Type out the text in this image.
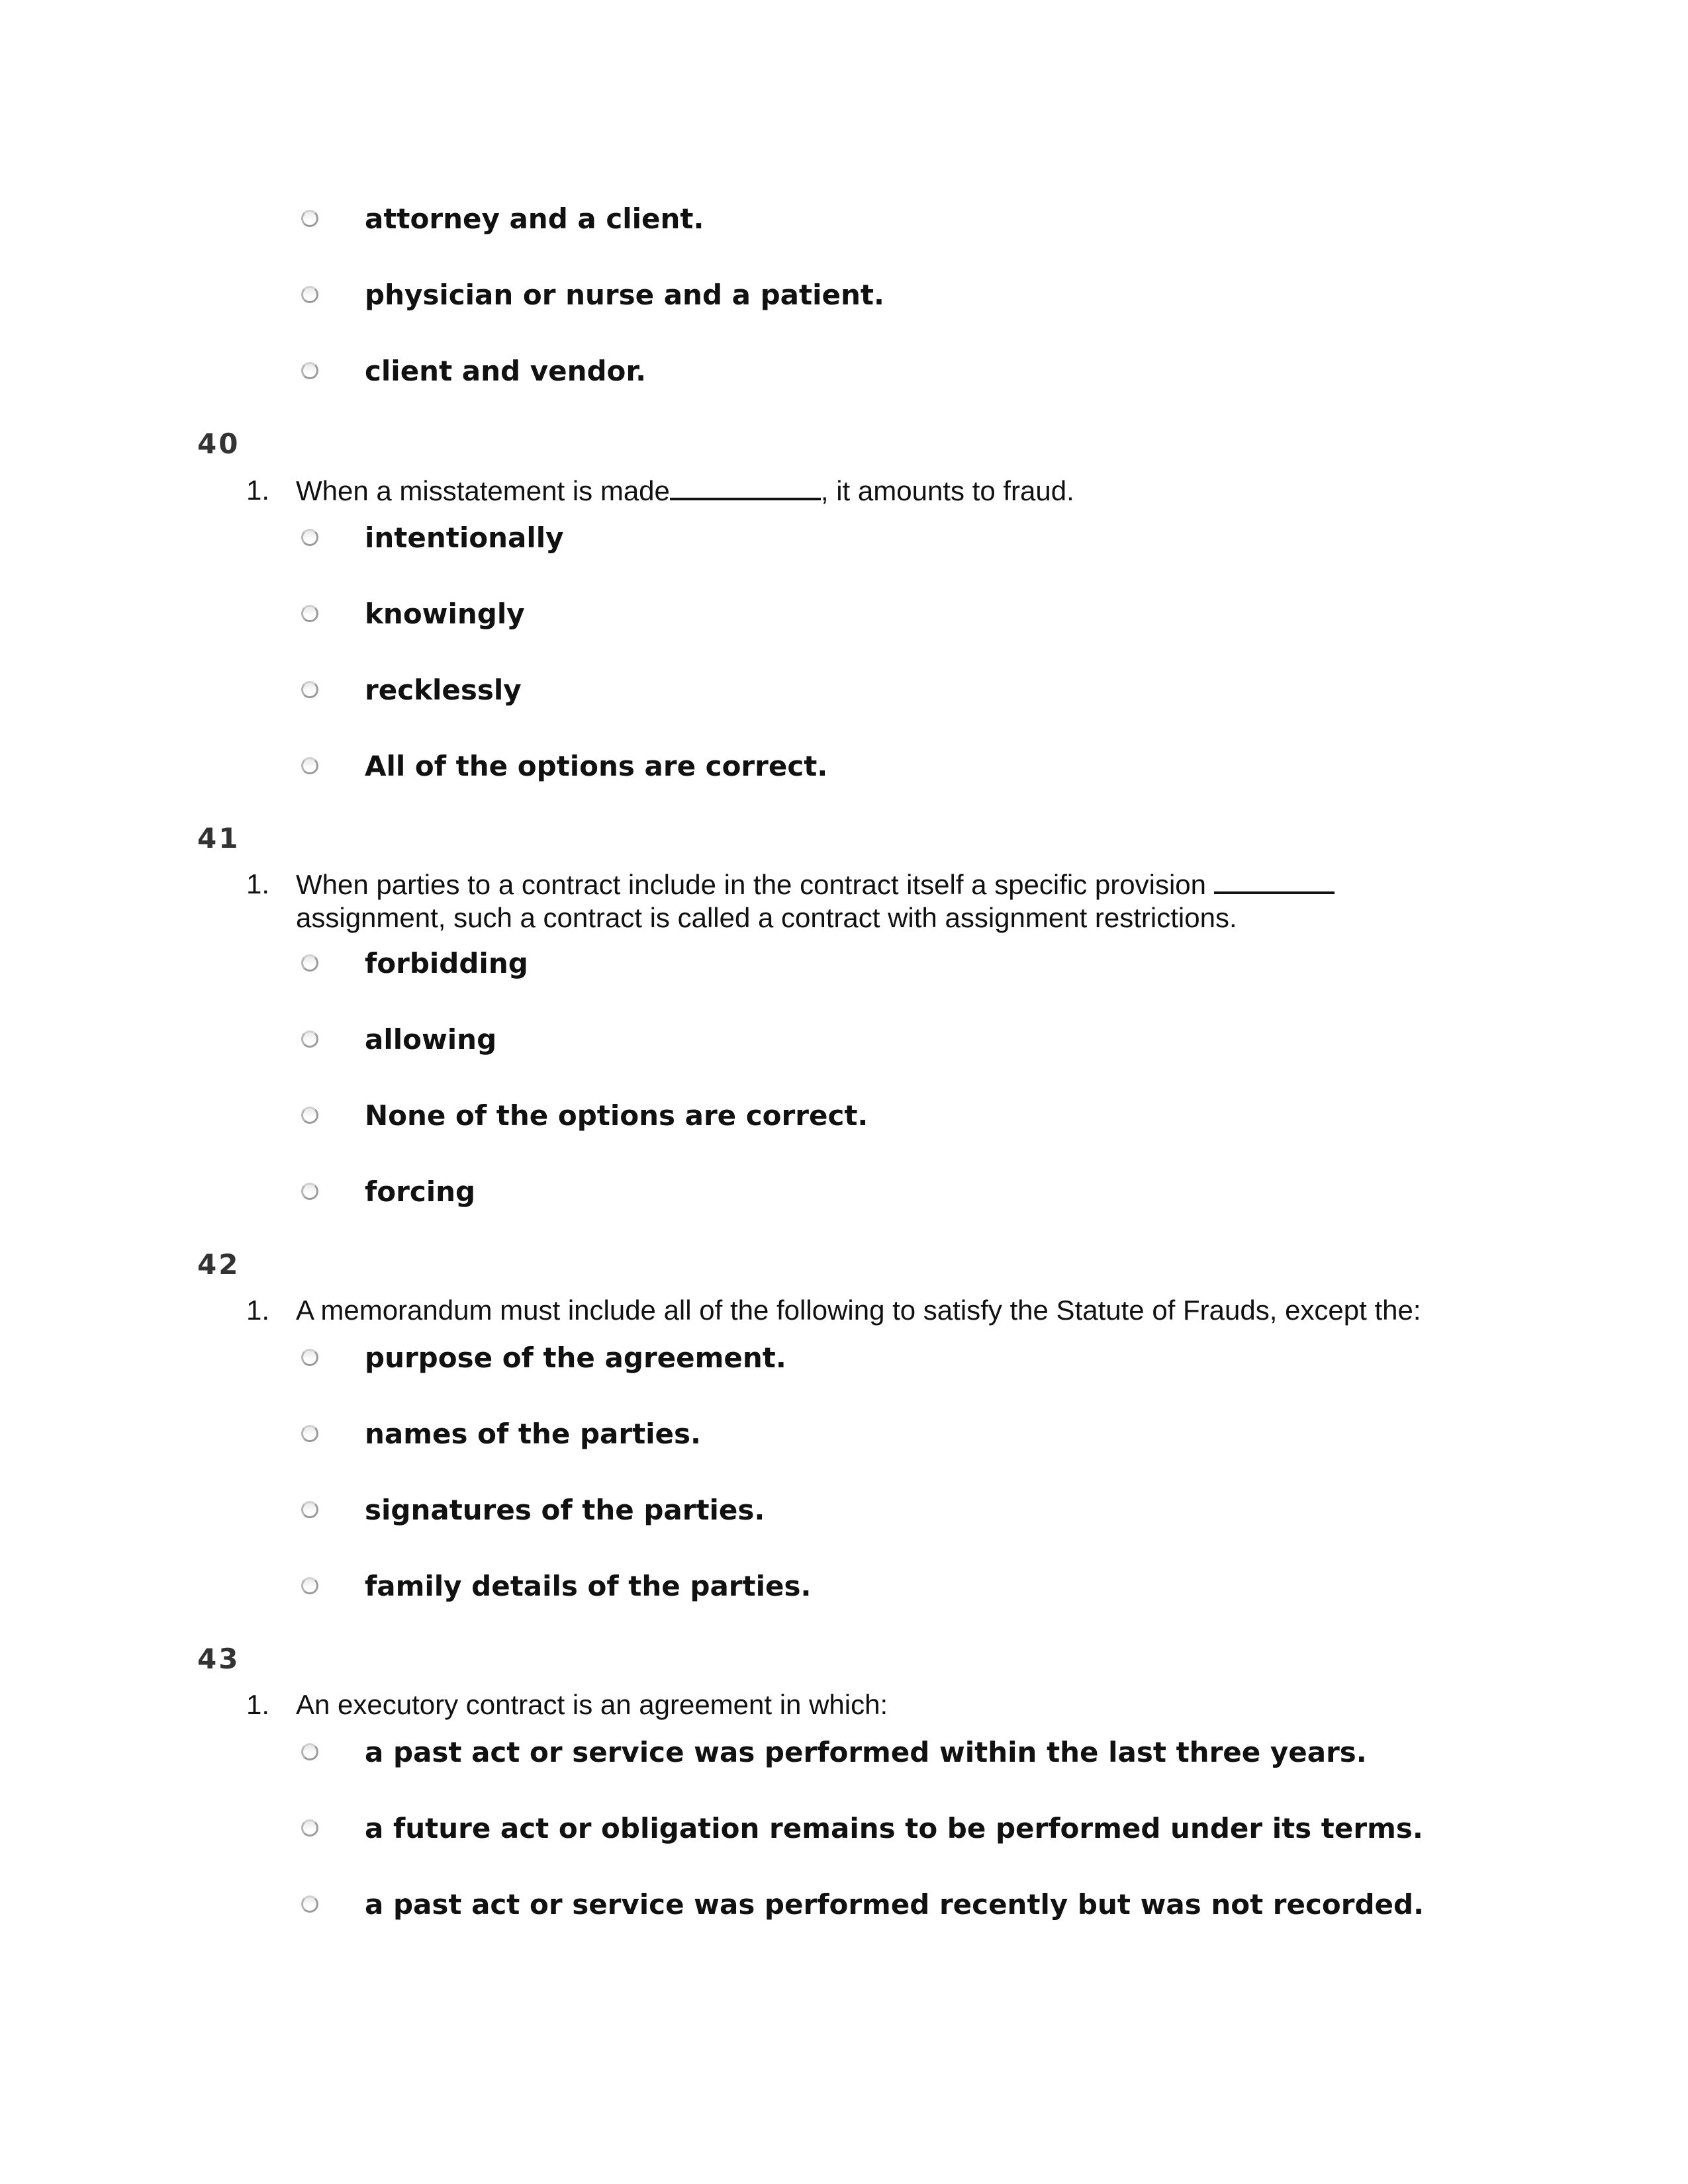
attorney and a client.
physician or nurse and a patient.
client and vendor.
40
1. When a misstatement is made	, it amounts to fraud.
intentionally
knowingly
recklessly
All of the options are correct.
41
1. When parties to a contract include in the contract itself a specific provision  assignment, such a contract is called a contract with assignment restrictions.
forbidding
allowing
None of the options are correct.
forcing
42
1. A memorandum must include all of the following to satisfy the Statute of Frauds, except the:
purpose of the agreement.
names of the parties.
signatures of the parties.
family details of the parties.
43
1. An executory contract is an agreement in which:
a past act or service was performed within the last three years.
a future act or obligation remains to be performed under its terms.
a past act or service was performed recently but was not recorded.
